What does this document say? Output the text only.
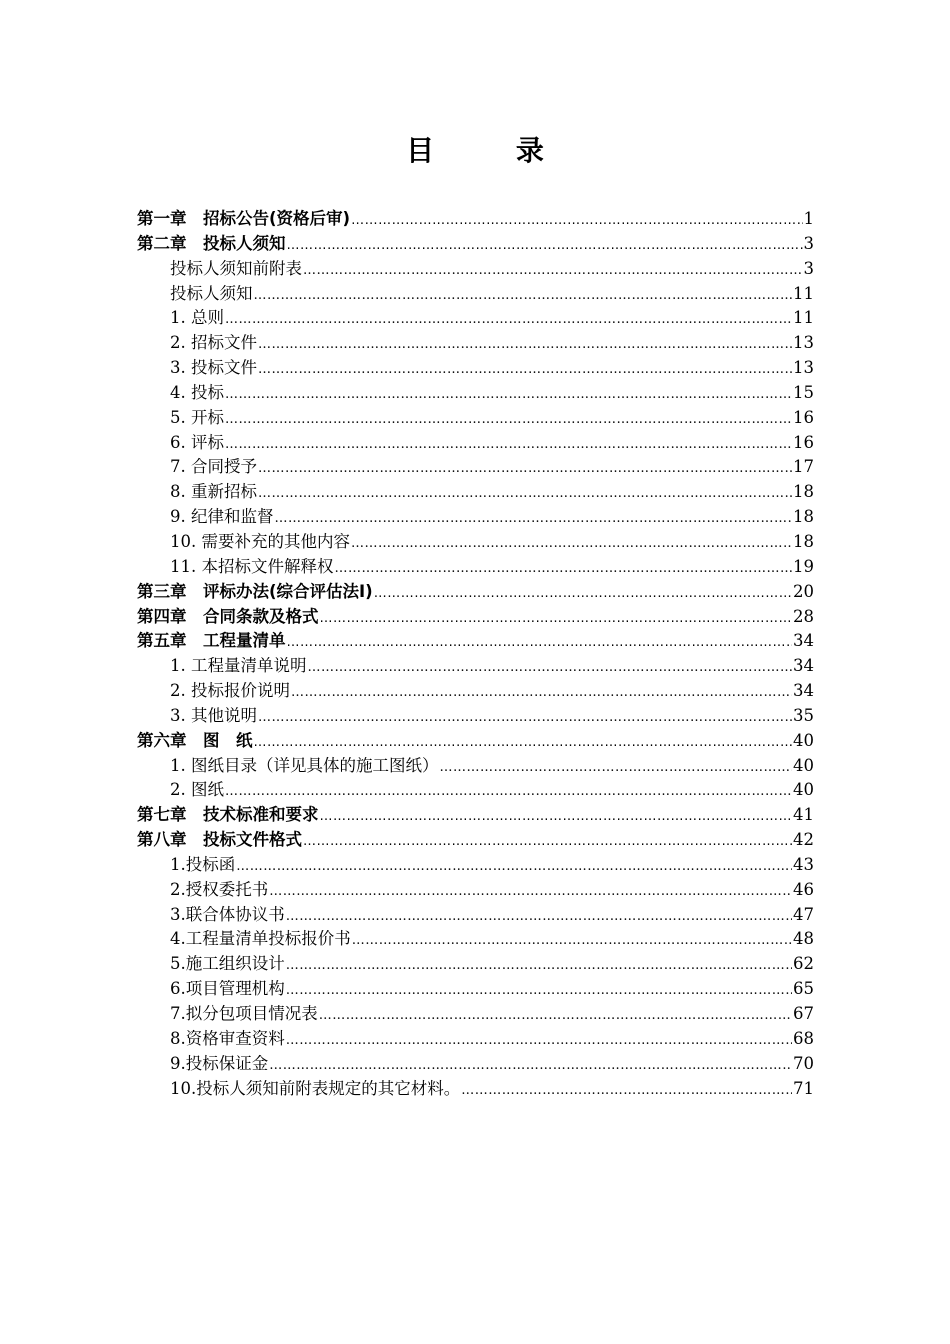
目 录
第一章　招标公告(资格后审) ……………………………………………………………………………………………………………………………………………………………………………………	1
第二章　投标人须知 ……………………………………………………………………………………………………………………………………………………………………………………	3
投标人须知前附表 ……………………………………………………………………………………………………………………………………………………………………………………	3
投标人须知 ……………………………………………………………………………………………………………………………………………………………………………………	11
1. 总则 ……………………………………………………………………………………………………………………………………………………………………………………	11
2. 招标文件 ……………………………………………………………………………………………………………………………………………………………………………………	13
3. 投标文件 ……………………………………………………………………………………………………………………………………………………………………………………	13
4. 投标 ……………………………………………………………………………………………………………………………………………………………………………………	15
5. 开标 ……………………………………………………………………………………………………………………………………………………………………………………	16
6. 评标 ……………………………………………………………………………………………………………………………………………………………………………………	16
7. 合同授予 ……………………………………………………………………………………………………………………………………………………………………………………	17
8. 重新招标 ……………………………………………………………………………………………………………………………………………………………………………………	18
9. 纪律和监督 ……………………………………………………………………………………………………………………………………………………………………………………	18
10. 需要补充的其他内容 ……………………………………………………………………………………………………………………………………………………………………………………	18
11. 本招标文件解释权 ……………………………………………………………………………………………………………………………………………………………………………………	19
第三章　评标办法(综合评估法Ⅰ) ……………………………………………………………………………………………………………………………………………………………………………………	20
第四章　合同条款及格式 ……………………………………………………………………………………………………………………………………………………………………………………	28
第五章　工程量清单 ……………………………………………………………………………………………………………………………………………………………………………………	34
1. 工程量清单说明 ……………………………………………………………………………………………………………………………………………………………………………………	34
2. 投标报价说明 ……………………………………………………………………………………………………………………………………………………………………………………	34
3. 其他说明 ……………………………………………………………………………………………………………………………………………………………………………………	35
第六章　图　纸 ……………………………………………………………………………………………………………………………………………………………………………………	40
1. 图纸目录（详见具体的施工图纸） ……………………………………………………………………………………………………………………………………………………………………………………	40
2. 图纸 ……………………………………………………………………………………………………………………………………………………………………………………	40
第七章　技术标准和要求 ……………………………………………………………………………………………………………………………………………………………………………………	41
第八章　投标文件格式 ……………………………………………………………………………………………………………………………………………………………………………………	42
1.投标函 ……………………………………………………………………………………………………………………………………………………………………………………	43
2.授权委托书 ……………………………………………………………………………………………………………………………………………………………………………………	46
3.联合体协议书 ……………………………………………………………………………………………………………………………………………………………………………………	47
4.工程量清单投标报价书 ……………………………………………………………………………………………………………………………………………………………………………………	48
5.施工组织设计 ……………………………………………………………………………………………………………………………………………………………………………………	62
6.项目管理机构 ……………………………………………………………………………………………………………………………………………………………………………………	65
7.拟分包项目情况表 ……………………………………………………………………………………………………………………………………………………………………………………	67
8.资格审查资料 ……………………………………………………………………………………………………………………………………………………………………………………	68
9.投标保证金 ……………………………………………………………………………………………………………………………………………………………………………………	70
10.投标人须知前附表规定的其它材料。 ……………………………………………………………………………………………………………………………………………………………………………………	71
